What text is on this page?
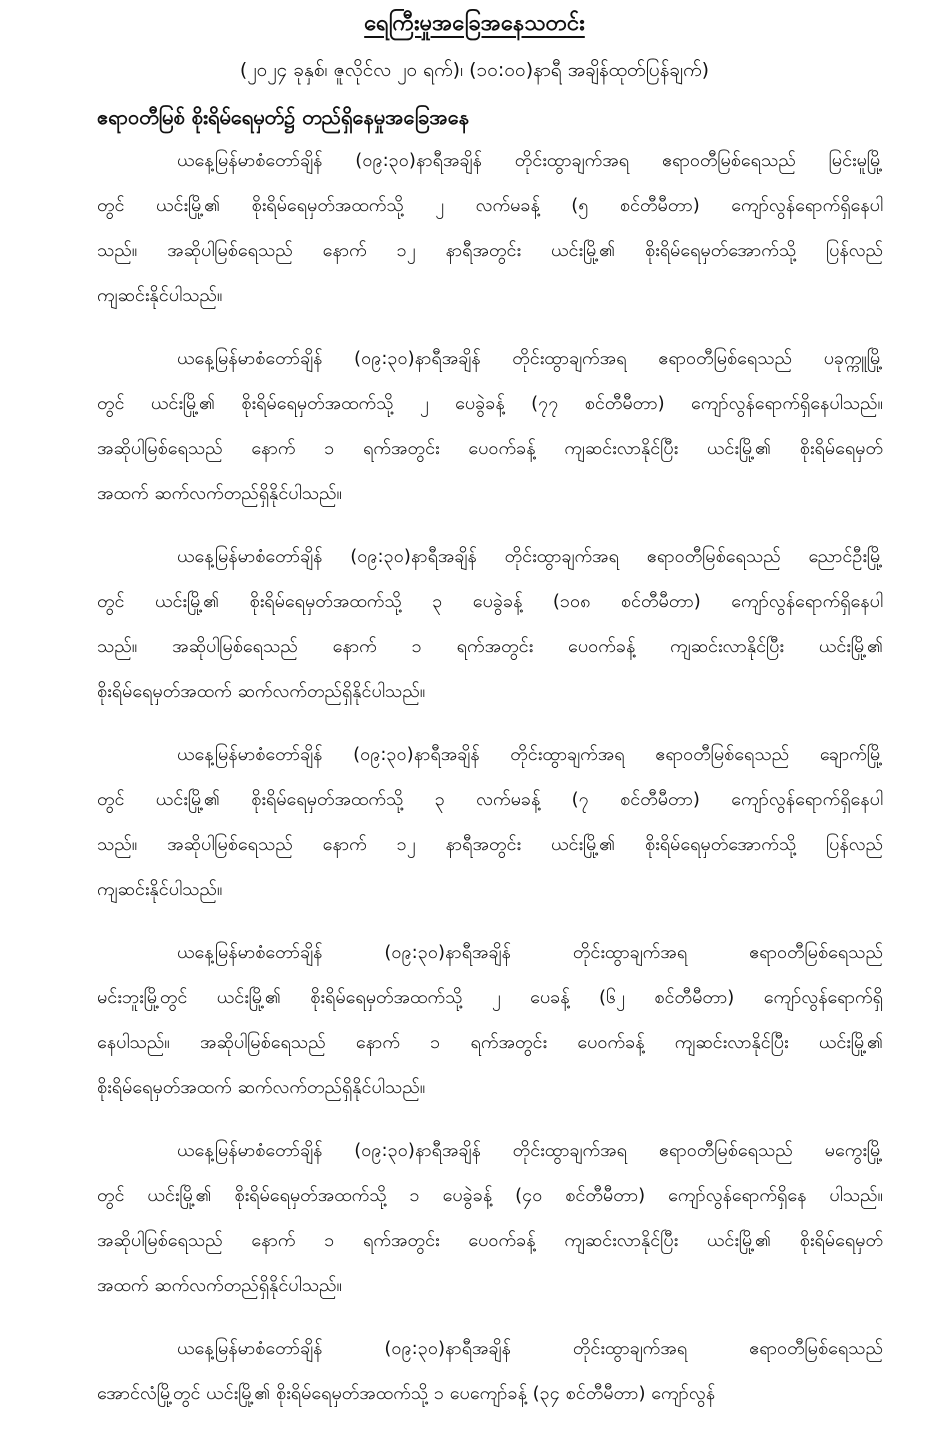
ရေကြီးမှုအခြေအနေသတင်း
(၂၀၂၄ ခုနှစ်၊ ဇူလိုင်လ ၂၀ ရက်)၊ (၁၀:၀၀)နာရီ အချိန်ထုတ်ပြန်ချက်)
ဧရာဝတီမြစ် စိုးရိမ်ရေမှတ်၌ တည်ရှိနေမှုအခြေအနေ
ယနေ့မြန်မာစံတော်ချိန် (၀၉:၃၀)နာရီအချိန် တိုင်းထွာချက်အရ ဧရာဝတီမြစ်ရေသည် မြင်းမူမြို့
တွင် ယင်းမြို့၏ စိုးရိမ်ရေမှတ်အထက်သို့ ၂ လက်မခန့် (၅ စင်တီမီတာ) ကျော်လွန်ရောက်ရှိနေပါ
သည်။ အဆိုပါမြစ်ရေသည် နောက် ၁၂ နာရီအတွင်း ယင်းမြို့၏ စိုးရိမ်ရေမှတ်အောက်သို့ ပြန်လည်
ကျဆင်းနိုင်ပါသည်။
ယနေ့မြန်မာစံတော်ချိန် (၀၉:၃၀)နာရီအချိန် တိုင်းထွာချက်အရ ဧရာဝတီမြစ်ရေသည် ပခုက္ကူမြို့
တွင် ယင်းမြို့၏ စိုးရိမ်ရေမှတ်အထက်သို့ ၂ ပေခွဲခန့် (၇၇ စင်တီမီတာ) ကျော်လွန်ရောက်ရှိနေပါသည်။
အဆိုပါမြစ်ရေသည် နောက် ၁ ရက်အတွင်း ပေ၀က်ခန့် ကျဆင်းလာနိုင်ပြီး ယင်းမြို့၏ စိုးရိမ်ရေမှတ်
အထက် ဆက်လက်တည်ရှိနိုင်ပါသည်။
ယနေ့မြန်မာစံတော်ချိန် (၀၉:၃၀)နာရီအချိန် တိုင်းထွာချက်အရ ဧရာဝတီမြစ်ရေသည် ညောင်ဦးမြို့
တွင် ယင်းမြို့၏ စိုးရိမ်ရေမှတ်အထက်သို့ ၃ ပေခွဲခန့် (၁၀၈ စင်တီမီတာ) ကျော်လွန်ရောက်ရှိနေပါ
သည်။ အဆိုပါမြစ်ရေသည် နောက် ၁ ရက်အတွင်း ပေ၀က်ခန့် ကျဆင်းလာနိုင်ပြီး ယင်းမြို့၏
စိုးရိမ်ရေမှတ်အထက် ဆက်လက်တည်ရှိနိုင်ပါသည်။
ယနေ့မြန်မာစံတော်ချိန် (၀၉:၃၀)နာရီအချိန် တိုင်းထွာချက်အရ ဧရာဝတီမြစ်ရေသည် ချောက်မြို့
တွင် ယင်းမြို့၏ စိုးရိမ်ရေမှတ်အထက်သို့ ၃ လက်မခန့် (၇ စင်တီမီတာ) ကျော်လွန်ရောက်ရှိနေပါ
သည်။ အဆိုပါမြစ်ရေသည် နောက် ၁၂ နာရီအတွင်း ယင်းမြို့၏ စိုးရိမ်ရေမှတ်အောက်သို့ ပြန်လည်
ကျဆင်းနိုင်ပါသည်။
ယနေ့မြန်မာစံတော်ချိန် (၀၉:၃၀)နာရီအချိန် တိုင်းထွာချက်အရ ဧရာဝတီမြစ်ရေသည်
မင်းဘူးမြို့တွင် ယင်းမြို့၏ စိုးရိမ်ရေမှတ်အထက်သို့ ၂ ပေခန့် (၆၂ စင်တီမီတာ) ကျော်လွန်ရောက်ရှိ
နေပါသည်။ အဆိုပါမြစ်ရေသည် နောက် ၁ ရက်အတွင်း ပေ၀က်ခန့် ကျဆင်းလာနိုင်ပြီး ယင်းမြို့၏
စိုးရိမ်ရေမှတ်အထက် ဆက်လက်တည်ရှိနိုင်ပါသည်။
ယနေ့မြန်မာစံတော်ချိန် (၀၉:၃၀)နာရီအချိန် တိုင်းထွာချက်အရ ဧရာဝတီမြစ်ရေသည် မကွေးမြို့
တွင် ယင်းမြို့၏ စိုးရိမ်ရေမှတ်အထက်သို့ ၁ ပေခွဲခန့် (၄၀ စင်တီမီတာ) ကျော်လွန်ရောက်ရှိနေ ပါသည်။
အဆိုပါမြစ်ရေသည် နောက် ၁ ရက်အတွင်း ပေ၀က်ခန့် ကျဆင်းလာနိုင်ပြီး ယင်းမြို့၏ စိုးရိမ်ရေမှတ်
အထက် ဆက်လက်တည်ရှိနိုင်ပါသည်။
ယနေ့မြန်မာစံတော်ချိန် (၀၉:၃၀)နာရီအချိန် တိုင်းထွာချက်အရ ဧရာဝတီမြစ်ရေသည်
အောင်လံမြို့တွင် ယင်းမြို့၏ စိုးရိမ်ရေမှတ်အထက်သို့ ၁ ပေကျော်ခန့် (၃၄ စင်တီမီတာ) ကျော်လွန်
